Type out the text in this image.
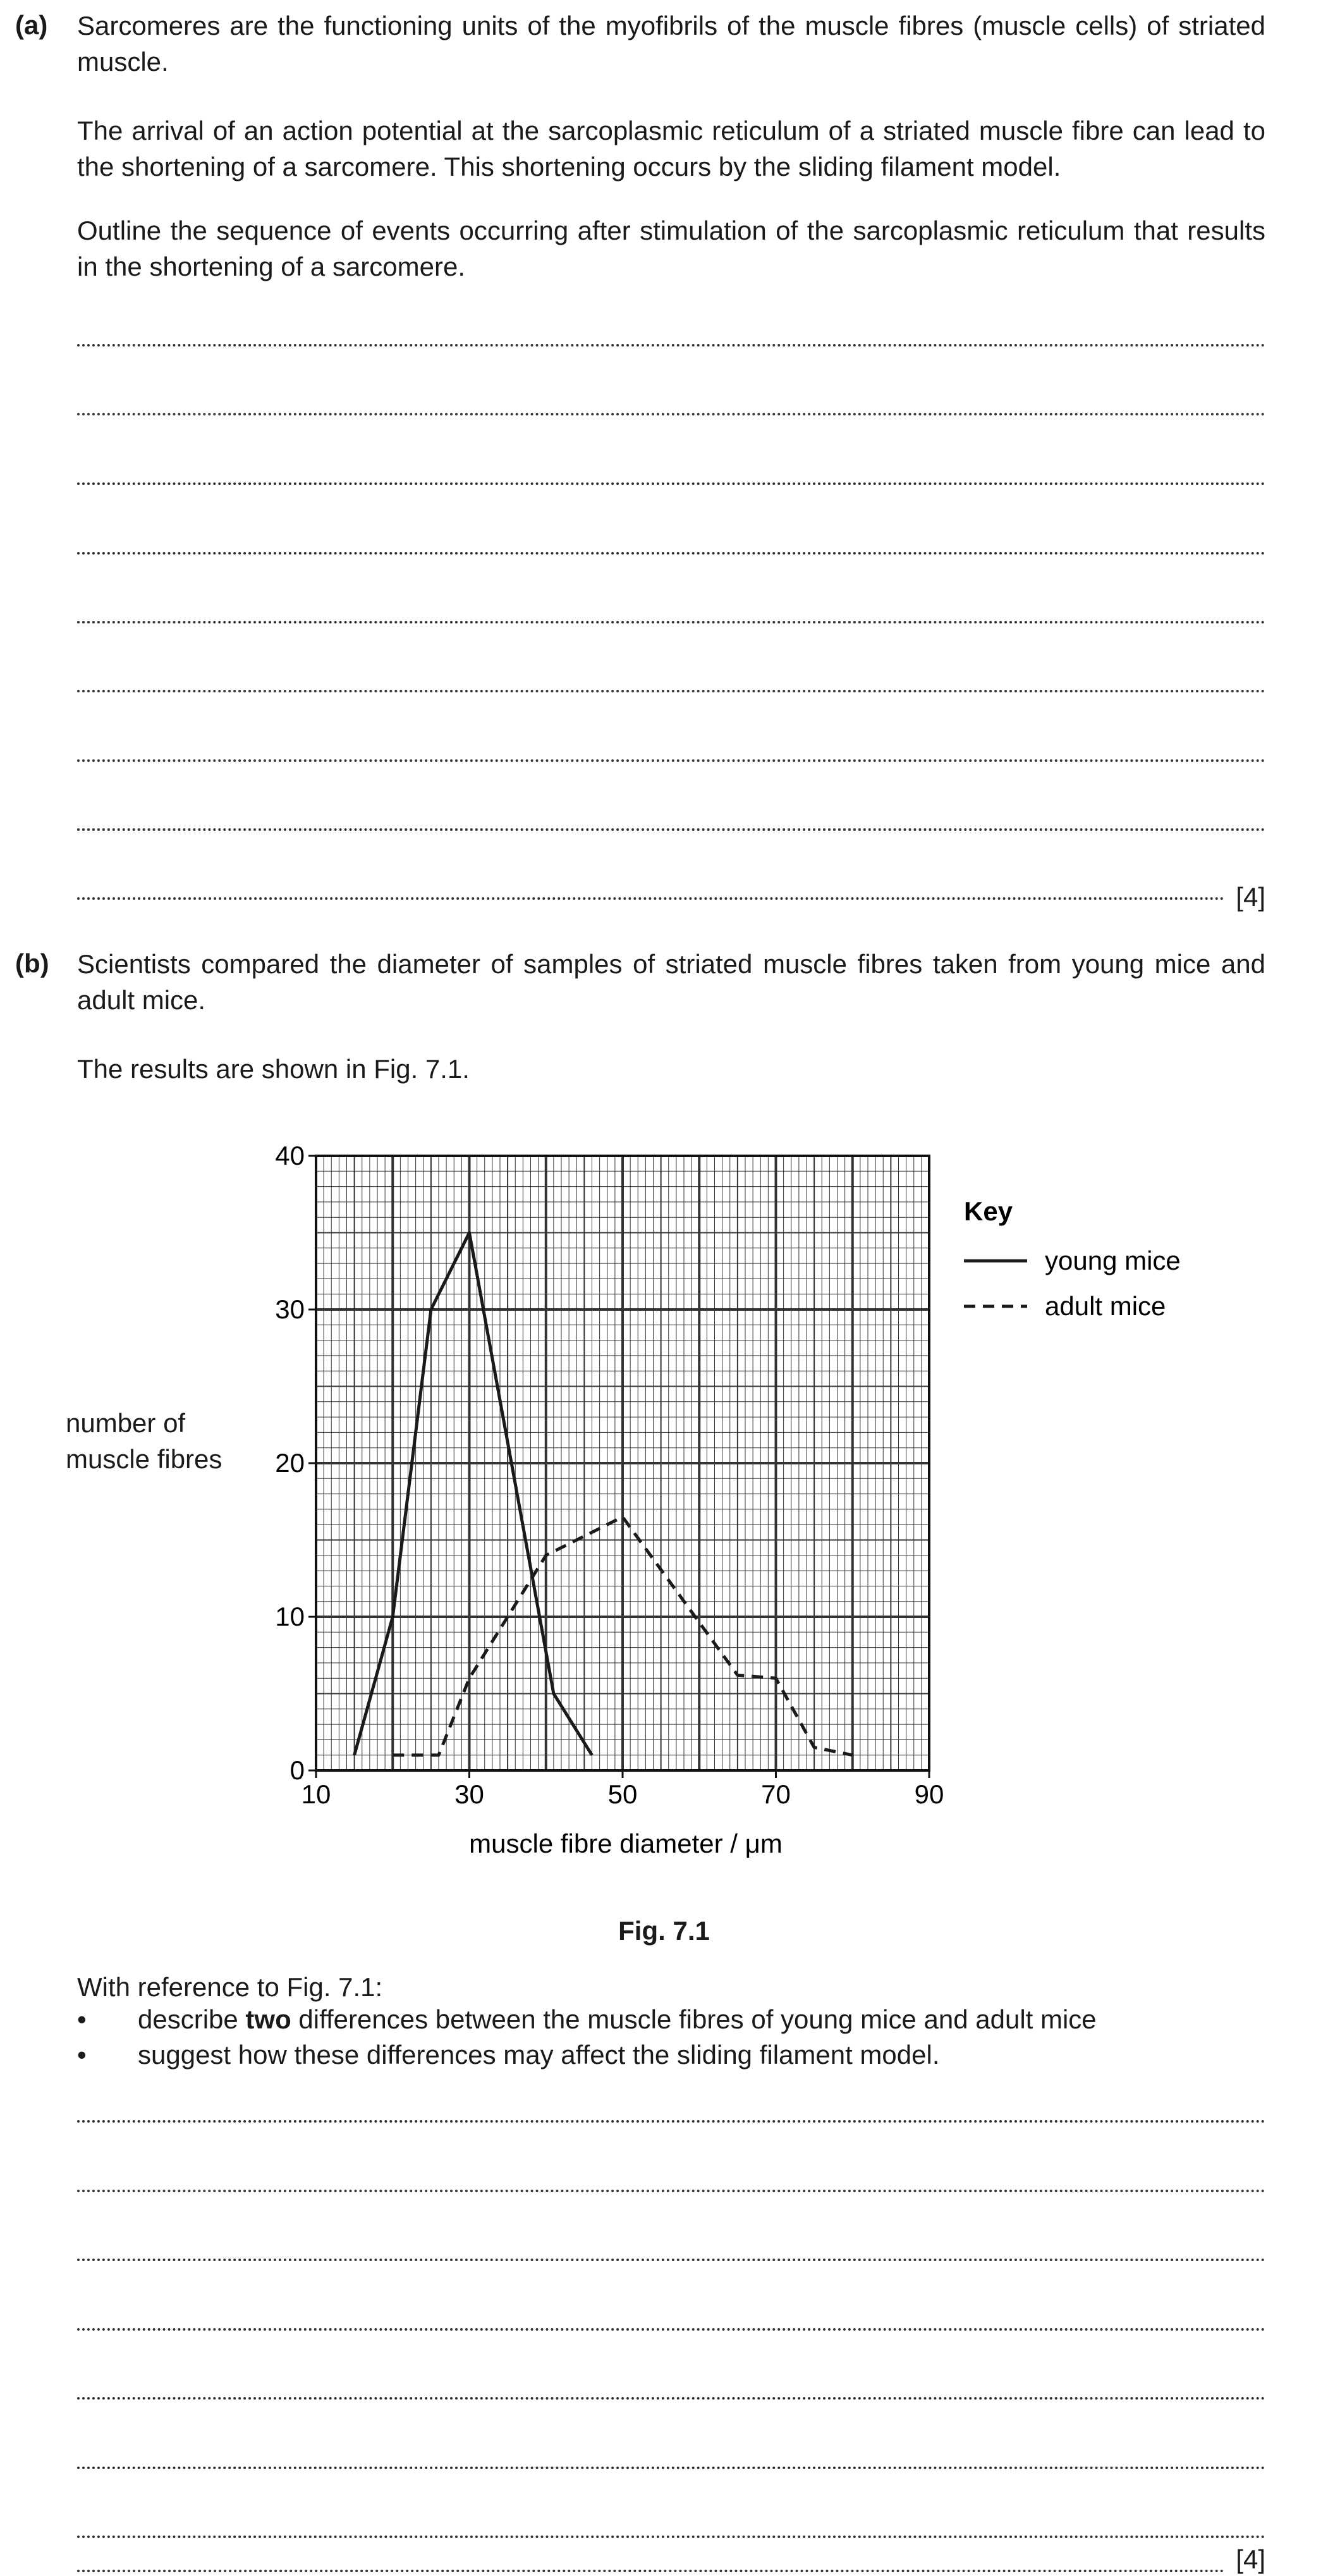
(a) Sarcomeres are the functioning units of the myofibrils of the muscle fibres (muscle cells) of striated muscle.

The arrival of an action potential at the sarcoplasmic reticulum of a striated muscle fibre can lead to the shortening of a sarcomere. This shortening occurs by the sliding filament model.

Outline the sequence of events occurring after stimulation of the sarcoplasmic reticulum that results in the shortening of a sarcomere.

[4]
(b) Scientists compared the diameter of samples of striated muscle fibres taken from young mice and adult mice.

The results are shown in Fig. 7.1.

number of muscle fibres
10	30	50	70	90
0
10
20
30
40
Key
young mice
adult mice
muscle fibre diameter / μm
Fig. 7.1
With reference to Fig. 7.1:
• describe two differences between the muscle fibres of young mice and adult mice
• suggest how these differences may affect the sliding filament model.
[4]
